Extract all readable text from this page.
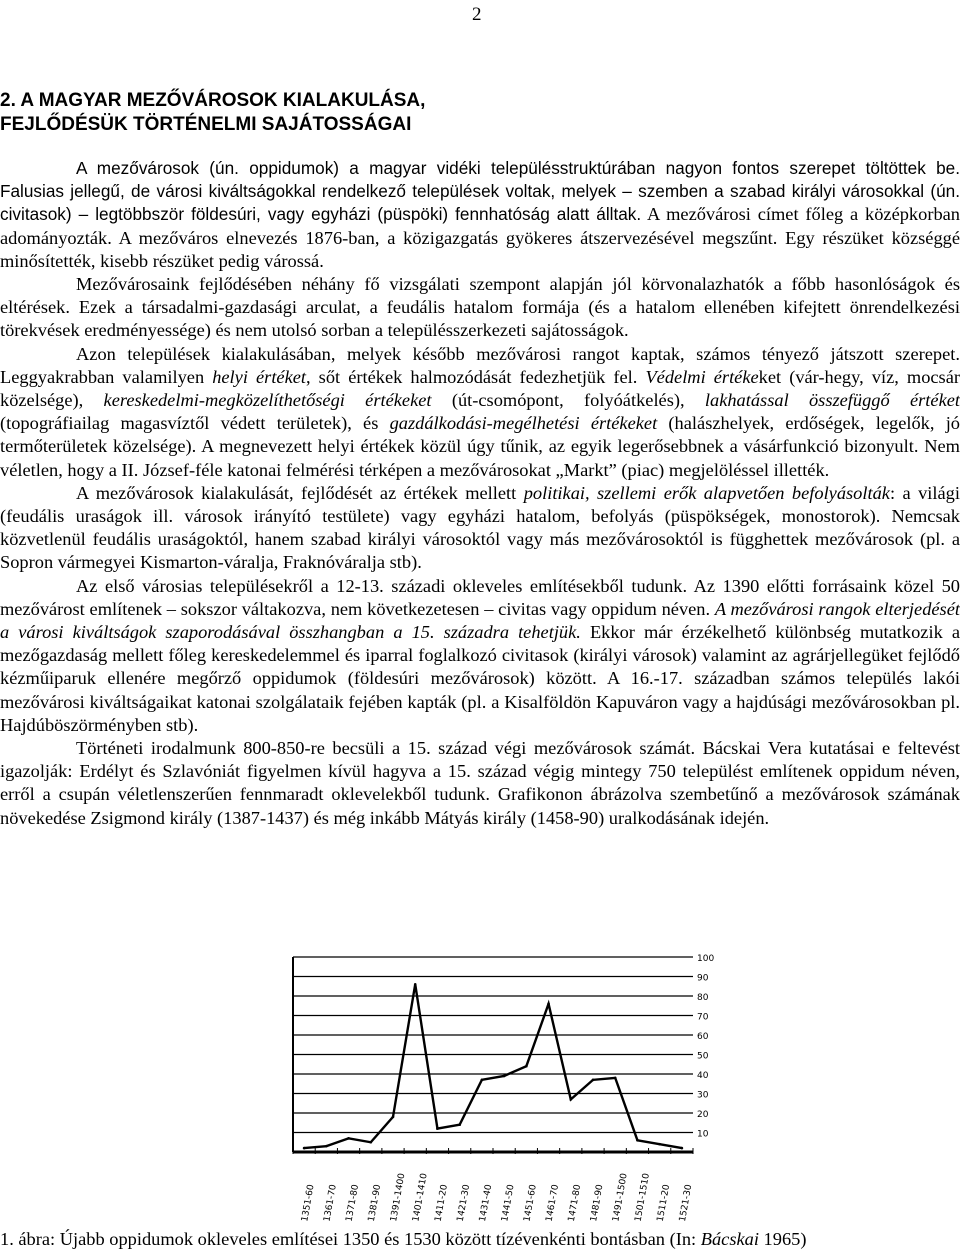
2
2. A MAGYAR MEZŐVÁROSOK KIALAKULÁSA,
FEJLŐDÉSÜK TÖRTÉNELMI SAJÁTOSSÁGAI

A mezővárosok (ún. oppidumok) a magyar vidéki településstruktúrában nagyon fontos szerepet töltöttek be. Falusias jellegű, de városi kiváltságokkal rendelkező települések voltak, melyek – szemben a szabad királyi városokkal (ún. civitasok) – legtöbbször földesúri, vagy egyházi (püspöki) fennhatóság alatt álltak. A mezővárosi címet főleg a középkorban adományozták. A mezőváros elnevezés 1876-ban, a közigazgatás gyökeres átszervezésével megszűnt. Egy részüket községgé minősítették, kisebb részüket pedig várossá.

Mezővárosaink fejlődésében néhány fő vizsgálati szempont alapján jól körvonalazhatók a főbb hasonlóságok és eltérések. Ezek a társadalmi-gazdasági arculat, a feudális hatalom formája (és a hatalom ellenében kifejtett önrendelkezési törekvések eredményessége) és nem utolsó sorban a településszerkezeti sajátosságok.

Azon települések kialakulásában, melyek később mezővárosi rangot kaptak, számos tényező játszott szerepet. Leggyakrabban valamilyen helyi értéket, sőt értékek halmozódását fedezhetjük fel. Védelmi értékeket (vár-hegy, víz, mocsár közelsége), kereskedelmi-megközelíthetőségi értékeket (út-csomópont, folyóátkelés), lakhatással összefüggő értéket (topográfiailag magasvíztől védett területek), és gazdálkodási-megélhetési értékeket (halászhelyek, erdőségek, legelők, jó termőterületek közelsége). A megnevezett helyi értékek közül úgy tűnik, az egyik legerősebbnek a vásárfunkció bizonyult. Nem véletlen, hogy a II. József-féle katonai felmérési térképen a mezővárosokat „Markt” (piac) megjelöléssel illették.

A mezővárosok kialakulását, fejlődését az értékek mellett politikai, szellemi erők alapvetően befolyásolták: a világi (feudális uraságok ill. városok irányító testülete) vagy egyházi hatalom, befolyás (püspökségek, monostorok). Nemcsak közvetlenül feudális uraságoktól, hanem szabad királyi városoktól vagy más mezővárosoktól is függhettek mezővárosok (pl. a Sopron vármegyei Kismarton-váralja, Fraknóváralja stb).

Az első városias településekről a 12-13. századi okleveles említésekből tudunk. Az 1390 előtti forrásaink közel 50 mezővárost említenek – sokszor váltakozva, nem következetesen – civitas vagy oppidum néven. A mezővárosi rangok elterjedését a városi kiváltságok szaporodásával összhangban a 15. századra tehetjük. Ekkor már érzékelhető különbség mutatkozik a mezőgazdaság mellett főleg kereskedelemmel és iparral foglalkozó civitasok (királyi városok) valamint az agrárjellegüket fejlődő kézműiparuk ellenére megőrző oppidumok (földesúri mezővárosok) között. A 16.-17. században számos település lakói mezővárosi kiváltságaikat katonai szolgálataik fejében kapták (pl. a Kisalföldön Kapuváron vagy a hajdúsági mezővárosokban pl. Hajdúböszörményben stb).

Történeti irodalmunk 800-850-re becsüli a 15. század végi mezővárosok számát. Bácskai Vera kutatásai e feltevést igazolják: Erdélyt és Szlavóniát figyelmen kívül hagyva a 15. század végig mintegy 750 települést említenek oppidum néven, erről a csupán véletlenszerűen fennmaradt oklevelekből tudunk. Grafikonon ábrázolva szembetűnő a mezővárosok számának növekedése Zsigmond király (1387-1437) és még inkább Mátyás király (1458-90) uralkodásának idején.

10
20
30
40
50
60
70
80
90
100
1351-60 1361-70 1371-80 1381-90 1391-1400 1401-1410 1411-20 1421-30 1431-40 1441-50 1451-60 1461-70 1471-80 1481-90 1491-1500 1501-1510 1511-20 1521-30
1. ábra: Újabb oppidumok okleveles említései 1350 és 1530 között tízévenkénti bontásban (In: Bácskai 1965)
